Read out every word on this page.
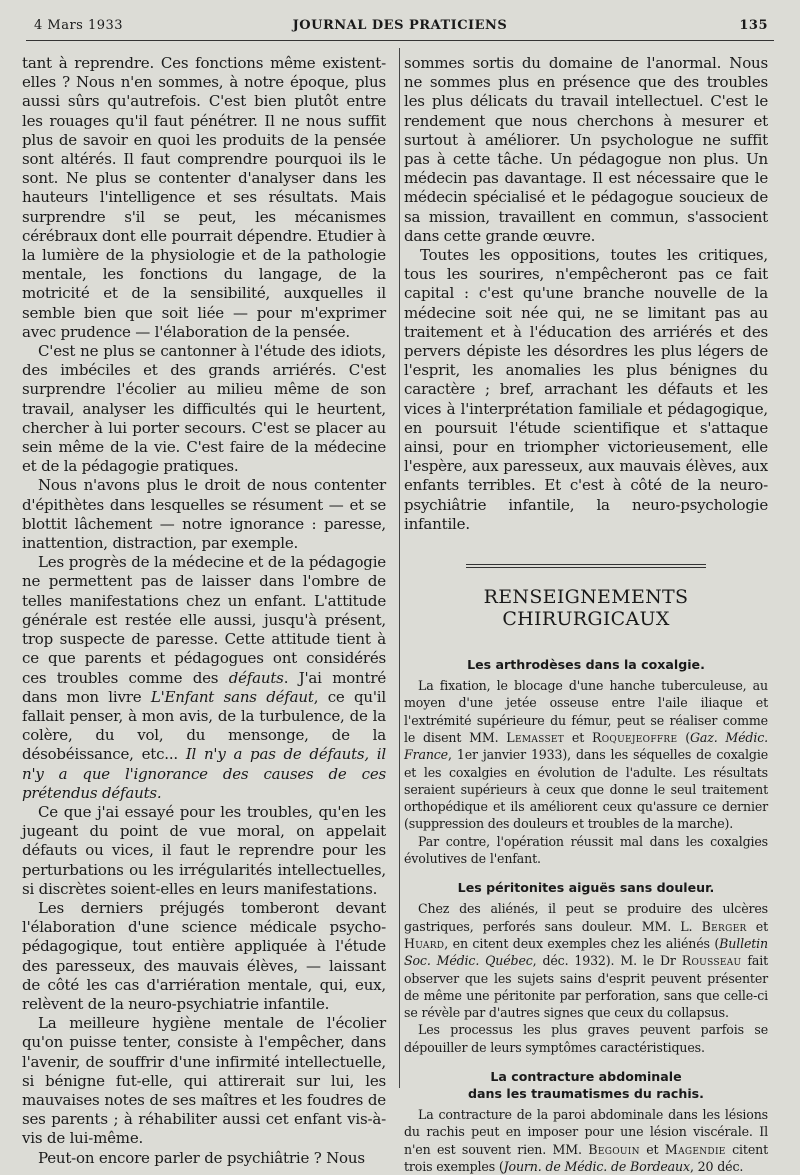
4 Mars 1933	JOURNAL DES PRATICIENS	135

tant à reprendre. Ces fonctions même existent-elles ? Nous n'en sommes, à notre époque, plus aussi sûrs qu'autrefois. C'est bien plutôt entre les rouages qu'il faut pénétrer. Il ne nous suffit plus de savoir en quoi les produits de la pensée sont altérés. Il faut comprendre pourquoi ils le sont. Ne plus se contenter d'analyser dans les hauteurs l'intelligence et ses résultats. Mais surprendre s'il se peut, les mécanismes cérébraux dont elle pourrait dépendre. Etudier à la lumière de la physiologie et de la pathologie mentale, les fonctions du langage, de la motricité et de la sensibilité, auxquelles il semble bien que soit liée — pour m'exprimer avec prudence — l'élaboration de la pensée.

C'est ne plus se cantonner à l'étude des idiots, des imbéciles et des grands arriérés. C'est surprendre l'écolier au milieu même de son travail, analyser les difficultés qui le heurtent, chercher à lui porter secours. C'est se placer au sein même de la vie. C'est faire de la médecine et de la pédagogie pratiques.

Nous n'avons plus le droit de nous contenter d'épithètes dans lesquelles se résument — et se blottit lâchement — notre ignorance : paresse, inattention, distraction, par exemple.

Les progrès de la médecine et de la pédagogie ne permettent pas de laisser dans l'ombre de telles manifestations chez un enfant. L'attitude générale est restée elle aussi, jusqu'à présent, trop suspecte de paresse. Cette attitude tient à ce que parents et pédagogues ont considérés ces troubles comme des défauts. J'ai montré dans mon livre L'Enfant sans défaut, ce qu'il fallait penser, à mon avis, de la turbulence, de la colère, du vol, du mensonge, de la désobéissance, etc... Il n'y a pas de défauts, il n'y a que l'ignorance des causes de ces prétendus défauts.

Ce que j'ai essayé pour les troubles, qu'en les jugeant du point de vue moral, on appelait défauts ou vices, il faut le reprendre pour les perturbations ou les irrégularités intellectuelles, si discrètes soient-elles en leurs manifestations.

Les derniers préjugés tomberont devant l'élaboration d'une science médicale psycho-pédagogique, tout entière appliquée à l'étude des paresseux, des mauvais élèves, — laissant de côté les cas d'arriération mentale, qui, eux, relèvent de la neuro-psychiatrie infantile.

La meilleure hygiène mentale de l'écolier qu'on puisse tenter, consiste à l'empêcher, dans l'avenir, de souffrir d'une infirmité intellectuelle, si bénigne fut-elle, qui attirerait sur lui, les mauvaises notes de ses maîtres et les foudres de ses parents ; à réhabiliter aussi cet enfant vis-à-vis de lui-même.

Peut-on encore parler de psychiâtrie ? Nous

sommes sortis du domaine de l'anormal. Nous ne sommes plus en présence que des troubles les plus délicats du travail intellectuel. C'est le rendement que nous cherchons à mesurer et surtout à améliorer. Un psychologue ne suffit pas à cette tâche. Un pédagogue non plus. Un médecin pas davantage. Il est nécessaire que le médecin spécialisé et le pédagogue soucieux de sa mission, travaillent en commun, s'associent dans cette grande œuvre.

Toutes les oppositions, toutes les critiques, tous les sourires, n'empêcheront pas ce fait capital : c'est qu'une branche nouvelle de la médecine soit née qui, ne se limitant pas au traitement et à l'éducation des arriérés et des pervers dépiste les désordres les plus légers de l'esprit, les anomalies les plus bénignes du caractère ; bref, arrachant les défauts et les vices à l'interprétation familiale et pédagogique, en poursuit l'étude scientifique et s'attaque ainsi, pour en triompher victorieusement, elle l'espère, aux paresseux, aux mauvais élèves, aux enfants terribles. Et c'est à côté de la neuro-psychiâtrie infantile, la neuro-psychologie infantile.

RENSEIGNEMENTS CHIRURGICAUX
Les arthrodèses dans la coxalgie.

La fixation, le blocage d'une hanche tuberculeuse, au moyen d'une jetée osseuse entre l'aile iliaque et l'extrémité supérieure du fémur, peut se réaliser comme le disent MM. Lemasset et Roquejeoffre (Gaz. Médic. France, 1er janvier 1933), dans les séquelles de coxalgie et les coxalgies en évolution de l'adulte. Les résultats seraient supérieurs à ceux que donne le seul traitement orthopédique et ils améliorent ceux qu'assure ce dernier (suppression des douleurs et troubles de la marche).

Par contre, l'opération réussit mal dans les coxalgies évolutives de l'enfant.

Les péritonites aiguës sans douleur.

Chez des aliénés, il peut se produire des ulcères gastriques, perforés sans douleur. MM. L. Berger et Huard, en citent deux exemples chez les aliénés (Bulletin Soc. Médic. Québec, déc. 1932). M. le Dr Rousseau fait observer que les sujets sains d'esprit peuvent présenter de même une péritonite par perforation, sans que celle-ci se révèle par d'autres signes que ceux du collapsus.

Les processus les plus graves peuvent parfois se dépouiller de leurs symptômes caractéristiques.

La contracture abdominale
dans les traumatismes du rachis.

La contracture de la paroi abdominale dans les lésions du rachis peut en imposer pour une lésion viscérale. Il n'en est souvent rien. MM. Begouin et Magendie citent trois exemples (Journ. de Médic. de Bordeaux, 20 déc.
